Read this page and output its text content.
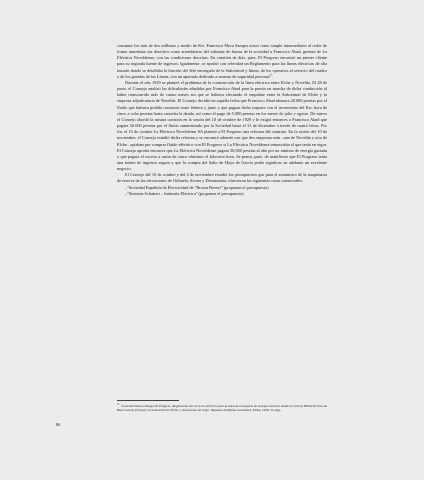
consumir los más de dos millones y medio de Kw. Francisco Mora Samper actuó como simple intermediario al ceder de forma inmediata sus derechos como arrendatario del sobrante de fuerza de la sociedad a Francisco Abad, gerente de La Eléctrica Noveldense, con las condiciones descritas. En cuestión de días, pues, El Progreso encontró un primer cliente para su segunda fuente de ingresos. Igualmente, se aprobó con celeridad un Reglamento para las líneas eléctricas de alta tensión donde se detallaba la función del Jefe encargado de la Subcentral y líneas, de los operarios al servicio del cuadro y de los guardas de las Líneas, con un apartado dedicado a normas de seguridad personal$^{11}$.

Durante el año 1929 se planteó el problema de la construcción de la línea eléctrica entre Elche y Novelda. El 28 de junio, el Consejo analizó las dificultades añadidas por Francisco Abad para la puesta en marcha de dicha conducción al haber transcurrido más de cuatro meses sin que se hubiera efectuado el empalme entre la Subcentral de Elche y la empresa adjudicataria de Novelda. El Consejo decidió en aquella fecha que Francisco Abad abonara 20.000 pesetas por el fluido que hubiera podido consumir entre febrero y junio y que pagara dicho importe con el incremento del Kw. hora de cinco a ocho pesetas hasta cancelar la deuda, así como el pago de 5.000 pesetas en los meses de julio y agosto. De nuevo el Consejo abordó la misma cuestión en la sesión del 10 de octubre de 1929 y le exigió entonces a Francisco Abad que pagara 50.000 pesetas por el fluido suministrado por la Sociedad hasta el 31 de diciembre a través de cuatro letras. Por fin, el 15 de octubre La Eléctrica Noveldense SA planteó a El Progreso una reforma del contrato. En la sesión del 10 de noviembre, el Consejo estudió dicha reforma y se encontró además con que dos empresas más –una de Novelda y otra de Elche– optaban por comprar fluido eléctrico con El Progreso si La Eléctrica Noveldense renunciaba al que tenía en vigor. El Consejo aprobó entonces que La Eléctrica Noveldense pagara 50.000 pesetas al año por un mínimo de energía gastada y que pagara el exceso a razón de cinco céntimos el kilovatio hora. Se pensó, pues, de manifiesto que El Progreso tenía una fuente de ingresos segura y que la compra del Salto de Hoya de García podía significar en adelante un excelente negocio.

El Consejo del 10 de octubre y del 2 de noviembre estudió los presupuestos que para el suministro de la maquinaria de reserva de las elevaciones de Orihuela, Sivaes y Derramador, ofrecieron las siguientes casas comerciales:

–"Sociedad Española de Electricidad de "Brown Boveri" (proponen el presupuesto)

–"Siemens Schukert – Industria Eléctrica" (proponen el presupuesto).

$^{11}$ Sociedad Nuevos Riegos El Progreso, Reglamento del servicio eléctrico para la línea de transporte de energía eléctrica desde la Central Hidroeléctrica de Hoya García (Cieza) a la Subcentral de Elche, y elevaciones de riego. Imprenta de Matías Gonzálvez, Elche, 1928, 11 págs.
86
